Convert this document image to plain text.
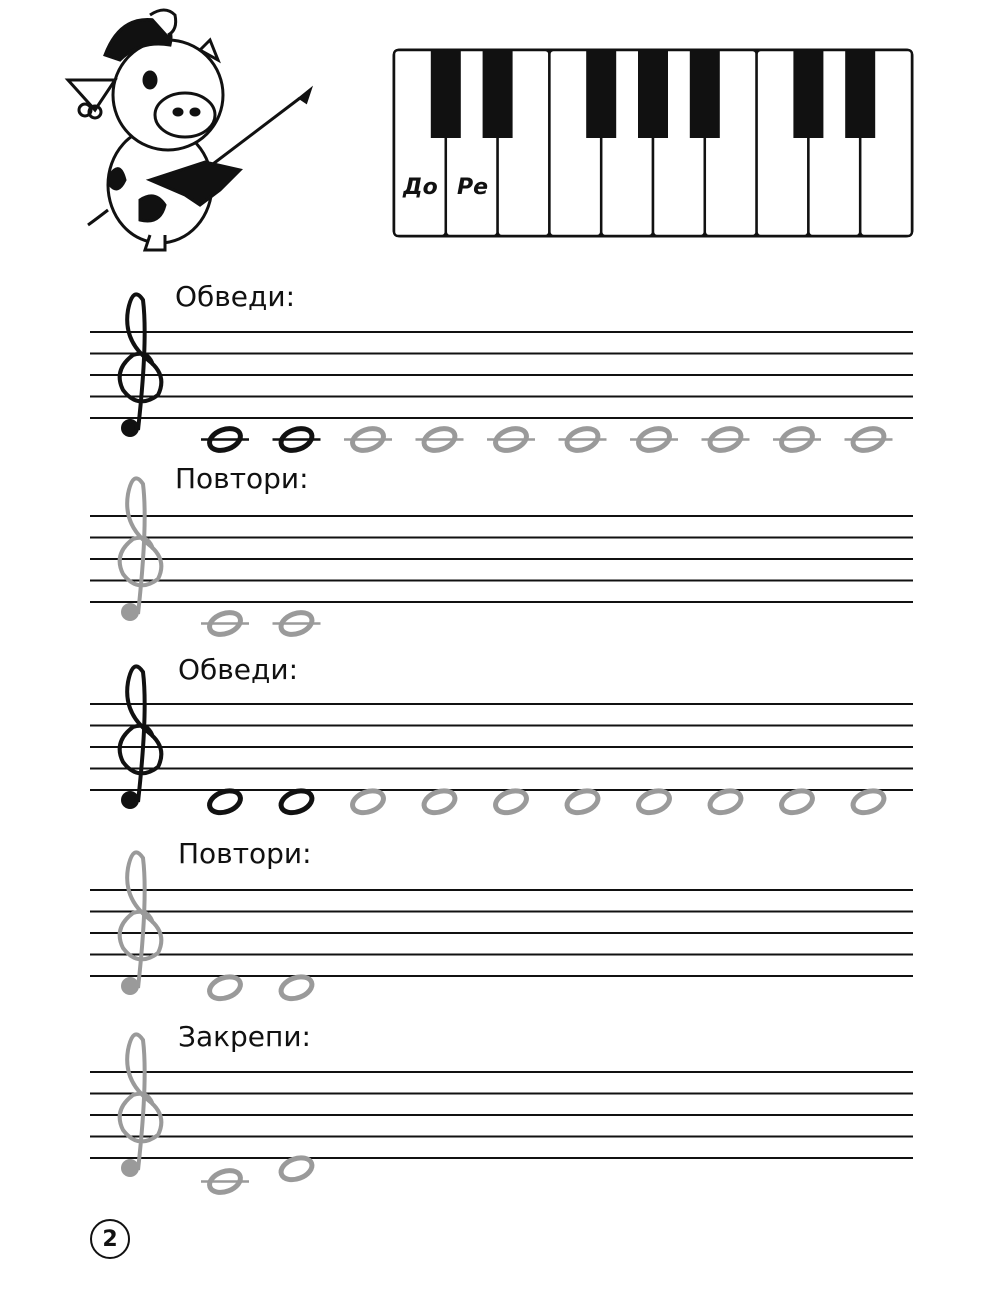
До Ре
Обведи:
Повтори:
Обведи:
Повтори:
Закрепи:
2
